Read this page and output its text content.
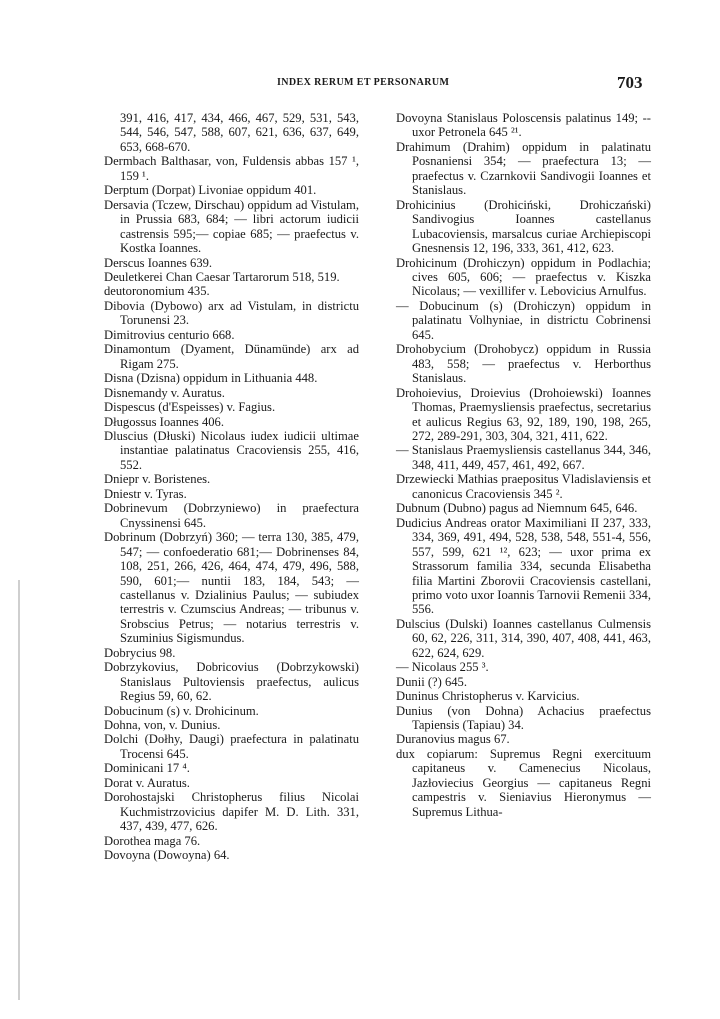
INDEX RERUM ET PERSONARUM	703

391, 416, 417, 434, 466, 467, 529, 531, 543, 544, 546, 547, 588, 607, 621, 636, 637, 649, 653, 668-670.

Dermbach Balthasar, von, Fuldensis abbas 157 ¹, 159 ¹.

Derptum (Dorpat) Livoniae oppidum 401.

Dersavia (Tczew, Dirschau) oppidum ad Vistulam, in Prussia 683, 684; — libri actorum iudicii castrensis 595;— copiae 685; — praefectus v. Kostka Ioannes.

Derscus Ioannes 639.

Deuletkerei Chan Caesar Tartarorum 518, 519.

deutoronomium 435.

Dibovia (Dybowo) arx ad Vistulam, in districtu Torunensi 23.

Dimitrovius centurio 668.

Dinamontum (Dyament, Dünamünde) arx ad Rigam 275.

Disna (Dzisna) oppidum in Lithuania 448.

Disnemandy v. Auratus.

Dispescus (d'Espeisses) v. Fagius.

Długossus Ioannes 406.

Dluscius (Dłuski) Nicolaus iudex iudicii ultimae instantiae palatinatus Cracoviensis 255, 416, 552.

Dniepr v. Boristenes.

Dniestr v. Tyras.

Dobrinevum (Dobrzyniewo) in praefectura Cnyssinensi 645.

Dobrinum (Dobrzyń) 360; — terra 130, 385, 479, 547; — confoederatio 681;— Dobrinenses 84, 108, 251, 266, 426, 464, 474, 479, 496, 588, 590, 601;— nuntii 183, 184, 543; — castellanus v. Dzialinius Paulus; — subiudex terrestris v. Czumscius Andreas; — tribunus v. Srobscius Petrus; — notarius terrestris v. Szuminius Sigismundus.

Dobrycius 98.

Dobrzykovius, Dobricovius (Dobrzykowski) Stanislaus Pultoviensis praefectus, aulicus Regius 59, 60, 62.

Dobucinum (s) v. Drohicinum.

Dohna, von, v. Dunius.

Dolchi (Dołhy, Daugi) praefectura in palatinatu Trocensi 645.

Dominicani 17 ⁴.

Dorat v. Auratus.

Dorohostajski Christopherus filius Nicolai Kuchmistrzovicius dapifer M. D. Lith. 331, 437, 439, 477, 626.

Dorothea maga 76.

Dovoyna (Dowoyna) 64.

Dovoyna Stanislaus Poloscensis palatinus 149; -- uxor Petronela 645 ²¹.

Drahimum (Drahim) oppidum in palatinatu Posnaniensi 354; — praefectura 13; — praefectus v. Czarnkovii Sandivogii Ioannes et Stanislaus.

Drohicinius (Drohiciński, Drohiczański) Sandivogius Ioannes castellanus Lubacoviensis, marsalcus curiae Archiepiscopi Gnesnensis 12, 196, 333, 361, 412, 623.

Drohicinum (Drohiczyn) oppidum in Podlachia; cives 605, 606; — praefectus v. Kiszka Nicolaus; — vexillifer v. Lebovicius Arnulfus.

— Dobucinum (s) (Drohiczyn) oppidum in palatinatu Volhyniae, in districtu Cobrinensi 645.

Drohobycium (Drohobycz) oppidum in Russia 483, 558; — praefectus v. Herborthus Stanislaus.

Drohoievius, Droievius (Drohoiewski) Ioannes Thomas, Praemysliensis praefectus, secretarius et aulicus Regius 63, 92, 189, 190, 198, 265, 272, 289-291, 303, 304, 321, 411, 622.

— Stanislaus Praemysliensis castellanus 344, 346, 348, 411, 449, 457, 461, 492, 667.

Drzewiecki Mathias praepositus Vladislaviensis et canonicus Cracoviensis 345 ².

Dubnum (Dubno) pagus ad Niemnum 645, 646.

Dudicius Andreas orator Maximiliani II 237, 333, 334, 369, 491, 494, 528, 538, 548, 551-4, 556, 557, 599, 621 ¹², 623; — uxor prima ex Strassorum familia 334, secunda Elisabetha filia Martini Zborovii Cracoviensis castellani, primo voto uxor Ioannis Tarnovii Remenii 334, 556.

Dulscius (Dulski) Ioannes castellanus Culmensis 60, 62, 226, 311, 314, 390, 407, 408, 441, 463, 622, 624, 629.

— Nicolaus 255 ³.

Dunii (?) 645.

Duninus Christopherus v. Karvicius.

Dunius (von Dohna) Achacius praefectus Tapiensis (Tapiau) 34.

Duranovius magus 67.

dux copiarum: Supremus Regni exercituum capitaneus v. Camenecius Nicolaus, Jazłoviecius Georgius — capitaneus Regni campestris v. Sieniavius Hieronymus — Supremus Lithua-
